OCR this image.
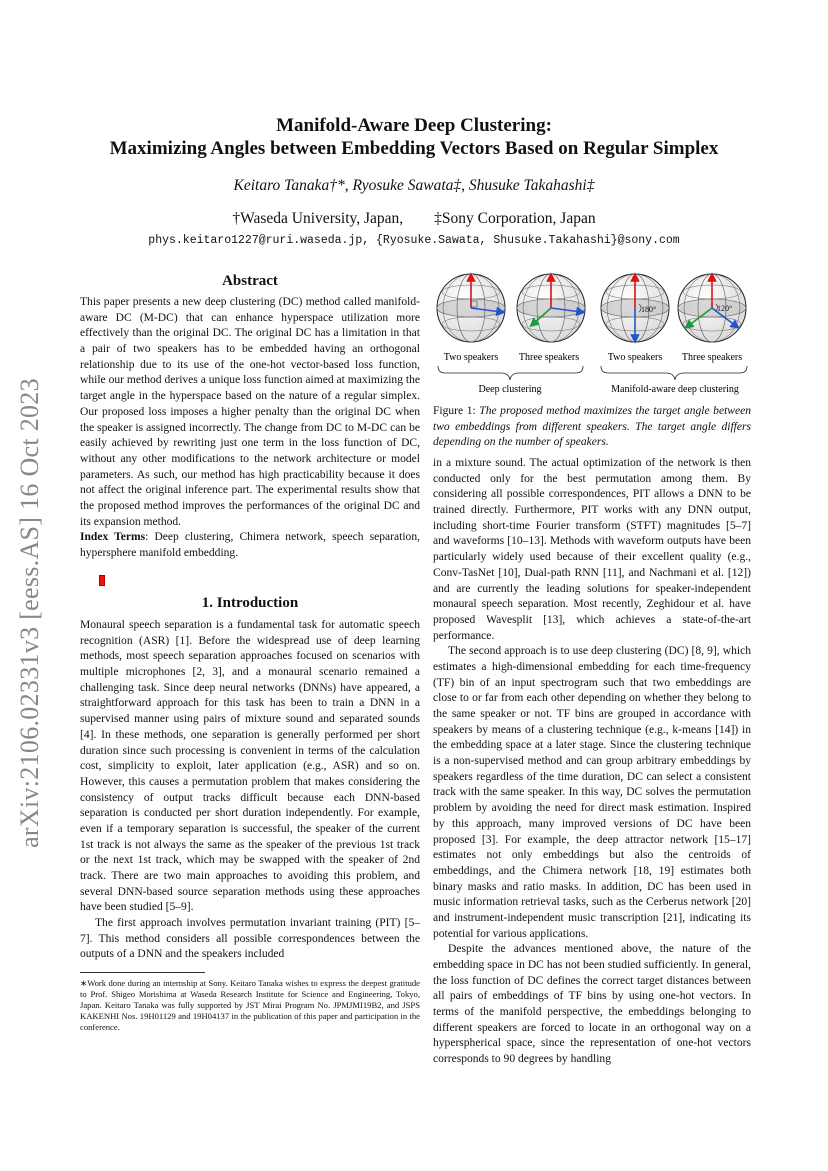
arXiv:2106.02331v3 [eess.AS] 16 Oct 2023
Manifold-Aware Deep Clustering:
Maximizing Angles between Embedding Vectors Based on Regular Simplex
Keitaro Tanaka†*, Ryosuke Sawata‡, Shusuke Takahashi‡
†Waseda University, Japan,        ‡Sony Corporation, Japan
phys.keitaro1227@ruri.waseda.jp, {Ryosuke.Sawata, Shusuke.Takahashi}@sony.com
Abstract

This paper presents a new deep clustering (DC) method called manifold-aware DC (M-DC) that can enhance hyperspace utilization more effectively than the original DC. The original DC has a limitation in that a pair of two speakers has to be embedded having an orthogonal relationship due to its use of the one-hot vector-based loss function, while our method derives a unique loss function aimed at maximizing the target angle in the hyperspace based on the nature of a regular simplex. Our proposed loss imposes a higher penalty than the original DC when the speaker is assigned incorrectly. The change from DC to M-DC can be easily achieved by rewriting just one term in the loss function of DC, without any other modifications to the network architecture or model parameters. As such, our method has high practicability because it does not affect the original inference part. The experimental results show that the proposed method improves the performances of the original DC and its expansion method.

Index Terms: Deep clustering, Chimera network, speech separation, hypersphere manifold embedding.

1. Introduction

Monaural speech separation is a fundamental task for automatic speech recognition (ASR) [1]. Before the widespread use of deep learning methods, most speech separation approaches focused on scenarios with multiple microphones [2, 3], and a monaural scenario remained a challenging task. Since deep neural networks (DNNs) have appeared, a straightforward approach for this task has been to train a DNN in a supervised manner using pairs of mixture sound and separated sounds [4]. In these methods, one separation is generally performed per short duration since such processing is convenient in terms of the calculation cost, simplicity to exploit, later application (e.g., ASR) and so on. However, this causes a permutation problem that makes considering the consistency of output tracks difficult because each DNN-based separation is conducted per short duration independently. For example, even if a temporary separation is successful, the speaker of the current 1st track is not always the same as the speaker of the previous 1st track or the next 1st track, which may be swapped with the speaker of 2nd track. There are two main approaches to avoiding this problem, and several DNN-based source separation methods using these approaches have been studied [5–9].

The first approach involves permutation invariant training (PIT) [5–7]. This method considers all possible correspondences between the outputs of a DNN and the speakers included

∗Work done during an internship at Sony. Keitaro Tanaka wishes to express the deepest gratitude to Prof. Shigeo Morishima at Waseda Research Institute for Science and Engineering, Tokyo, Japan. Keitaro Tanaka was fully supported by JST Mirai Program No. JPMJMI19B2, and JSPS KAKENHI Nos. 19H01129 and 19H04137 in the publication of this paper and participation in the conference.
180°	120°
Two speakers Three speakers	Two speakers Three speakers
Deep clustering	Manifold-aware deep clustering
Figure 1: The proposed method maximizes the target angle between two embeddings from different speakers. The target angle differs depending on the number of speakers.

in a mixture sound. The actual optimization of the network is then conducted only for the best permutation among them. By considering all possible correspondences, PIT allows a DNN to be trained directly. Furthermore, PIT works with any DNN output, including short-time Fourier transform (STFT) magnitudes [5–7] and waveforms [10–13]. Methods with waveform outputs have been particularly widely used because of their excellent quality (e.g., Conv-TasNet [10], Dual-path RNN [11], and Nachmani et al. [12]) and are currently the leading solutions for speaker-independent monaural speech separation. Most recently, Zeghidour et al. have proposed Wavesplit [13], which achieves a state-of-the-art performance.

The second approach is to use deep clustering (DC) [8, 9], which estimates a high-dimensional embedding for each time-frequency (TF) bin of an input spectrogram such that two embeddings are close to or far from each other depending on whether they belong to the same speaker or not. TF bins are grouped in accordance with speakers by means of a clustering technique (e.g., k-means [14]) in the embedding space at a later stage. Since the clustering technique is a non-supervised method and can group arbitrary embeddings by speakers regardless of the time duration, DC can select a consistent track with the same speaker. In this way, DC solves the permutation problem by avoiding the need for direct mask estimation. Inspired by this approach, many improved versions of DC have been proposed [3]. For example, the deep attractor network [15–17] estimates not only embeddings but also the centroids of embeddings, and the Chimera network [18, 19] estimates both binary masks and ratio masks. In addition, DC has been used in music information retrieval tasks, such as the Cerberus network [20] and instrument-independent music transcription [21], indicating its potential for various applications.

Despite the advances mentioned above, the nature of the embedding space in DC has not been studied sufficiently. In general, the loss function of DC defines the correct target distances between all pairs of embeddings of TF bins by using one-hot vectors. In terms of the manifold perspective, the embeddings belonging to different speakers are forced to locate in an orthogonal way on a hyperspherical space, since the representation of one-hot vectors corresponds to 90 degrees by handling
